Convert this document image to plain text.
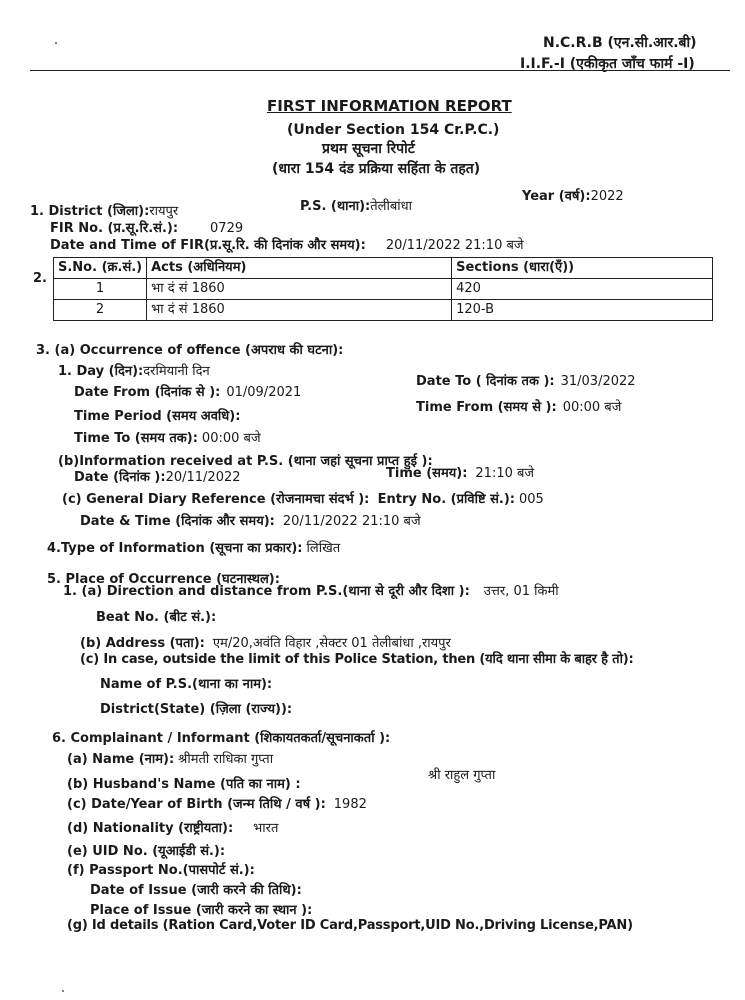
N.C.R.B (एन.सी.आर.बी)
I.I.F.-I (एकीकृत जाँच फार्म -I)
FIRST INFORMATION REPORT
(Under Section 154 Cr.P.C.)
प्रथम सूचना रिपोर्ट
(धारा 154 दंड प्रक्रिया सहिंता के तहत)
1. District (जिला):रायपुर	P.S. (थाना):तेलीबांधा
Year (वर्ष):2022
FIR No. (प्र.सू.रि.सं.): 0729
Date and Time of FIR(प्र.सू.रि. की दिनांक और समय): 20/11/2022 21:10 बजे
2.
S.No. (क्र.सं.)	Acts (अधिनियम)	Sections (धारा(एँ))
1	भा दं सं 1860	420
2	भा दं सं 1860	120-B
3. (a) Occurrence of offence (अपराध की घटना):
1. Day (दिन):दरमियानी दिन
Date From (दिनांक से ): 01/09/2021
Date To ( दिनांक तक ): 31/03/2022
Time Period (समय अवधि):
Time From (समय से ): 00:00 बजे
Time To (समय तक): 00:00 बजे
(b)Information received at P.S. (थाना जहां सूचना प्राप्त हुई ):
Date (दिनांक ):20/11/2022	Time (समय): 21:10 बजे
(c) General Diary Reference (रोजनामचा संदर्भ ): Entry No. (प्रविष्टि सं.): 005
Date & Time (दिनांक और समय): 20/11/2022 21:10 बजे
4.Type of Information (सूचना का प्रकार): लिखित
5. Place of Occurrence (घटनास्थल):
1. (a) Direction and distance from P.S.(थाना से दूरी और दिशा ): उत्तर, 01 किमी
Beat No. (बीट सं.):
(b) Address (पता): एम/20,अवंति विहार ,सेक्टर 01 तेलीबांधा ,रायपुर
(c) In case, outside the limit of this Police Station, then (यदि थाना सीमा के बाहर है तो):
Name of P.S.(थाना का नाम):
District(State) (ज़िला (राज्य)):
6. Complainant / Informant (शिकायतकर्ता/सूचनाकर्ता ):
(a) Name (नाम): श्रीमती राधिका गुप्ता
(b) Husband's Name (पति का नाम) :
श्री राहुल गुप्ता
(c) Date/Year of Birth (जन्म तिथि / वर्ष ): 1982
(d) Nationality (राष्ट्रीयता): भारत
(e) UID No. (यूआईडी सं.):
(f) Passport No.(पासपोर्ट सं.):
Date of Issue (जारी करने की तिथि):
Place of Issue (जारी करने का स्थान ):
(g) Id details (Ration Card,Voter ID Card,Passport,UID No.,Driving License,PAN)
